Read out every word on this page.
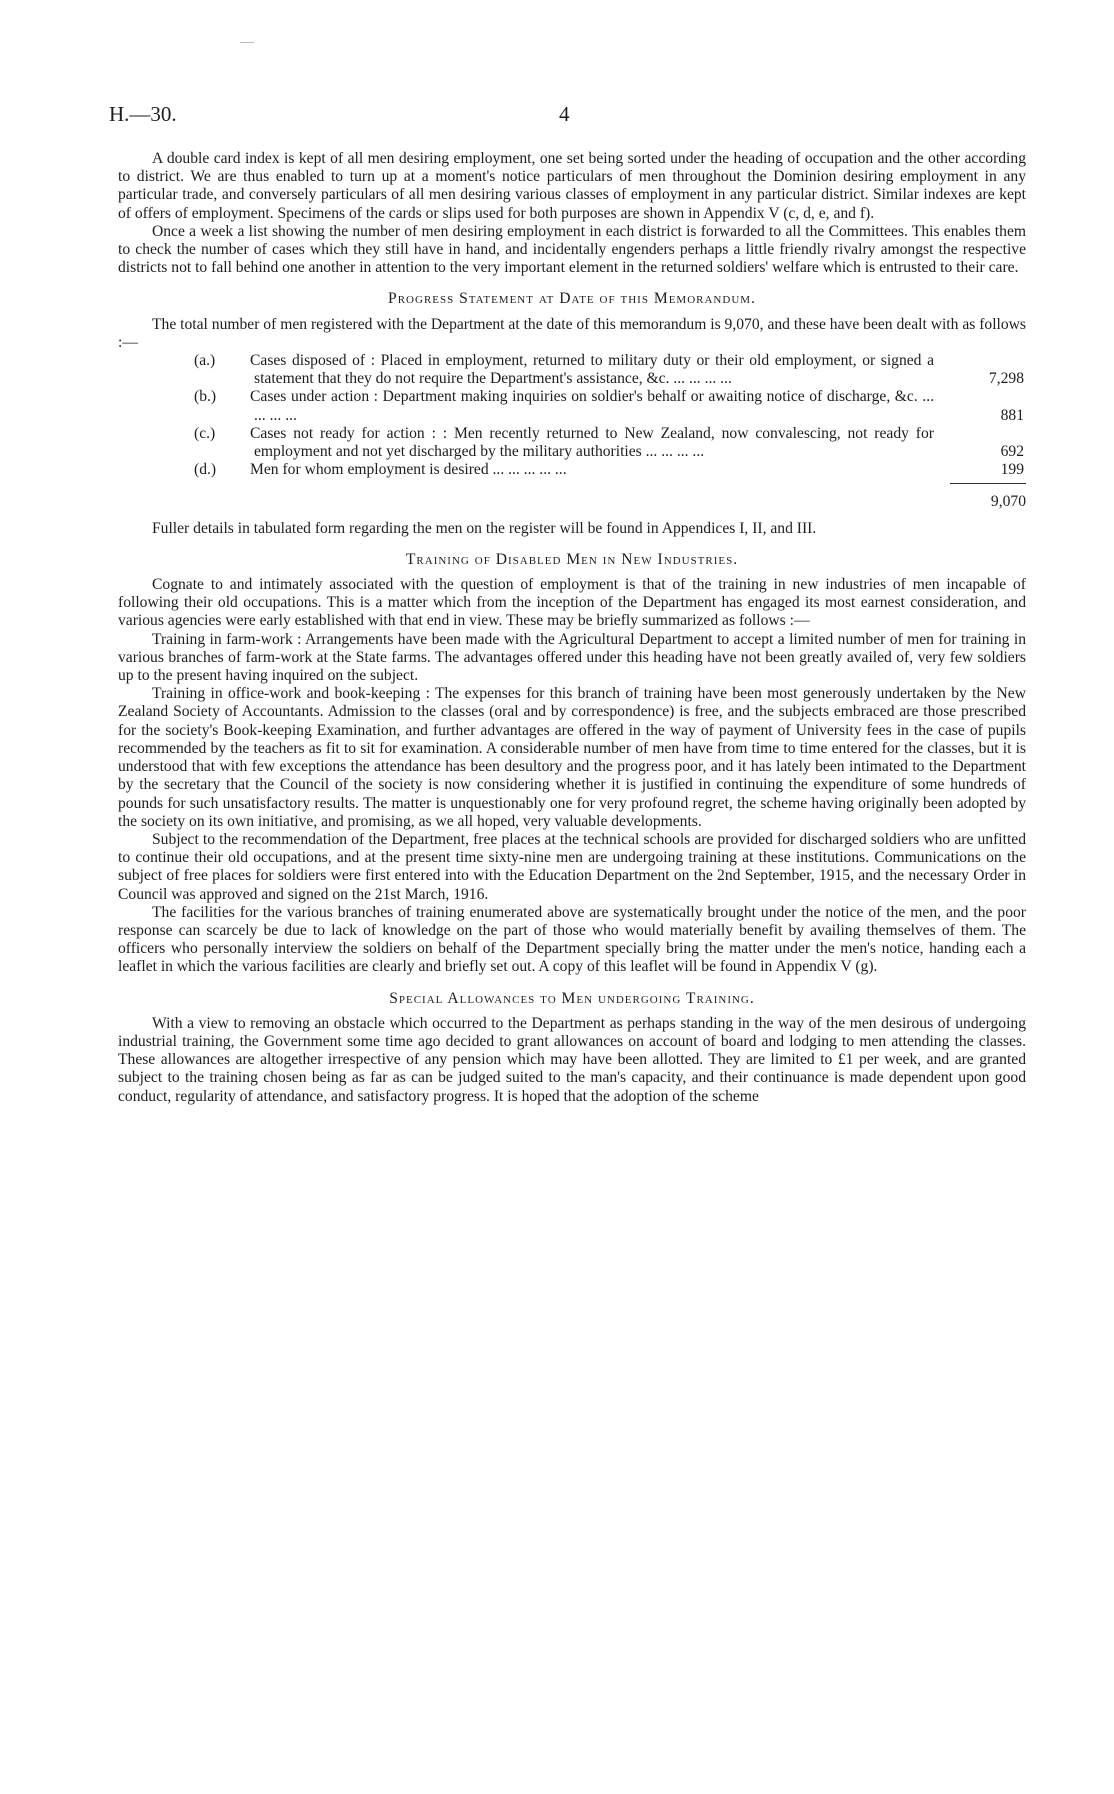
H.—30.	4

A double card index is kept of all men desiring employment, one set being sorted under the heading of occupation and the other according to district. We are thus enabled to turn up at a moment's notice particulars of men throughout the Dominion desiring employment in any particular trade, and conversely particulars of all men desiring various classes of employment in any particular district. Similar indexes are kept of offers of employment. Specimens of the cards or slips used for both purposes are shown in Appendix V (c, d, e, and f).

Once a week a list showing the number of men desiring employment in each district is forwarded to all the Committees. This enables them to check the number of cases which they still have in hand, and incidentally engenders perhaps a little friendly rivalry amongst the respective districts not to fall behind one another in attention to the very important element in the returned soldiers' welfare which is entrusted to their care.

Progress Statement at Date of this Memorandum.

The total number of men registered with the Department at the date of this memorandum is 9,070, and these have been dealt with as follows :—

(a.) Cases disposed of : Placed in employment, returned to military duty or their old employment, or signed a statement that they do not require the Department's assistance, &c. ... ... ... ...	7,298
(b.) Cases under action : Department making inquiries on soldier's behalf or awaiting notice of discharge, &c. ... ... ... ...	881
(c.) Cases not ready for action : : Men recently returned to New Zealand, now convalescing, not ready for employment and not yet discharged by the military authorities ... ... ... ...	692
(d.) Men for whom employment is desired ... ... ... ... ...	199
9,070

Fuller details in tabulated form regarding the men on the register will be found in Appendices I, II, and III.

Training of Disabled Men in New Industries.

Cognate to and intimately associated with the question of employment is that of the training in new industries of men incapable of following their old occupations. This is a matter which from the inception of the Department has engaged its most earnest consideration, and various agencies were early established with that end in view. These may be briefly summarized as follows :—

Training in farm-work : Arrangements have been made with the Agricultural Department to accept a limited number of men for training in various branches of farm-work at the State farms. The advantages offered under this heading have not been greatly availed of, very few soldiers up to the present having inquired on the subject.

Training in office-work and book-keeping : The expenses for this branch of training have been most generously undertaken by the New Zealand Society of Accountants. Admission to the classes (oral and by correspondence) is free, and the subjects embraced are those prescribed for the society's Book-keeping Examination, and further advantages are offered in the way of payment of University fees in the case of pupils recommended by the teachers as fit to sit for examination. A considerable number of men have from time to time entered for the classes, but it is understood that with few exceptions the attendance has been desultory and the progress poor, and it has lately been intimated to the Department by the secretary that the Council of the society is now considering whether it is justified in continuing the expenditure of some hundreds of pounds for such unsatisfactory results. The matter is unquestionably one for very profound regret, the scheme having originally been adopted by the society on its own initiative, and promising, as we all hoped, very valuable developments.

Subject to the recommendation of the Department, free places at the technical schools are provided for discharged soldiers who are unfitted to continue their old occupations, and at the present time sixty-nine men are undergoing training at these institutions. Communications on the subject of free places for soldiers were first entered into with the Education Department on the 2nd September, 1915, and the necessary Order in Council was approved and signed on the 21st March, 1916.

The facilities for the various branches of training enumerated above are systematically brought under the notice of the men, and the poor response can scarcely be due to lack of knowledge on the part of those who would materially benefit by availing themselves of them. The officers who personally interview the soldiers on behalf of the Department specially bring the matter under the men's notice, handing each a leaflet in which the various facilities are clearly and briefly set out. A copy of this leaflet will be found in Appendix V (g).

Special Allowances to Men undergoing Training.

With a view to removing an obstacle which occurred to the Department as perhaps standing in the way of the men desirous of undergoing industrial training, the Government some time ago decided to grant allowances on account of board and lodging to men attending the classes. These allowances are altogether irrespective of any pension which may have been allotted. They are limited to £1 per week, and are granted subject to the training chosen being as far as can be judged suited to the man's capacity, and their continuance is made dependent upon good conduct, regularity of attendance, and satisfactory progress. It is hoped that the adoption of the scheme
